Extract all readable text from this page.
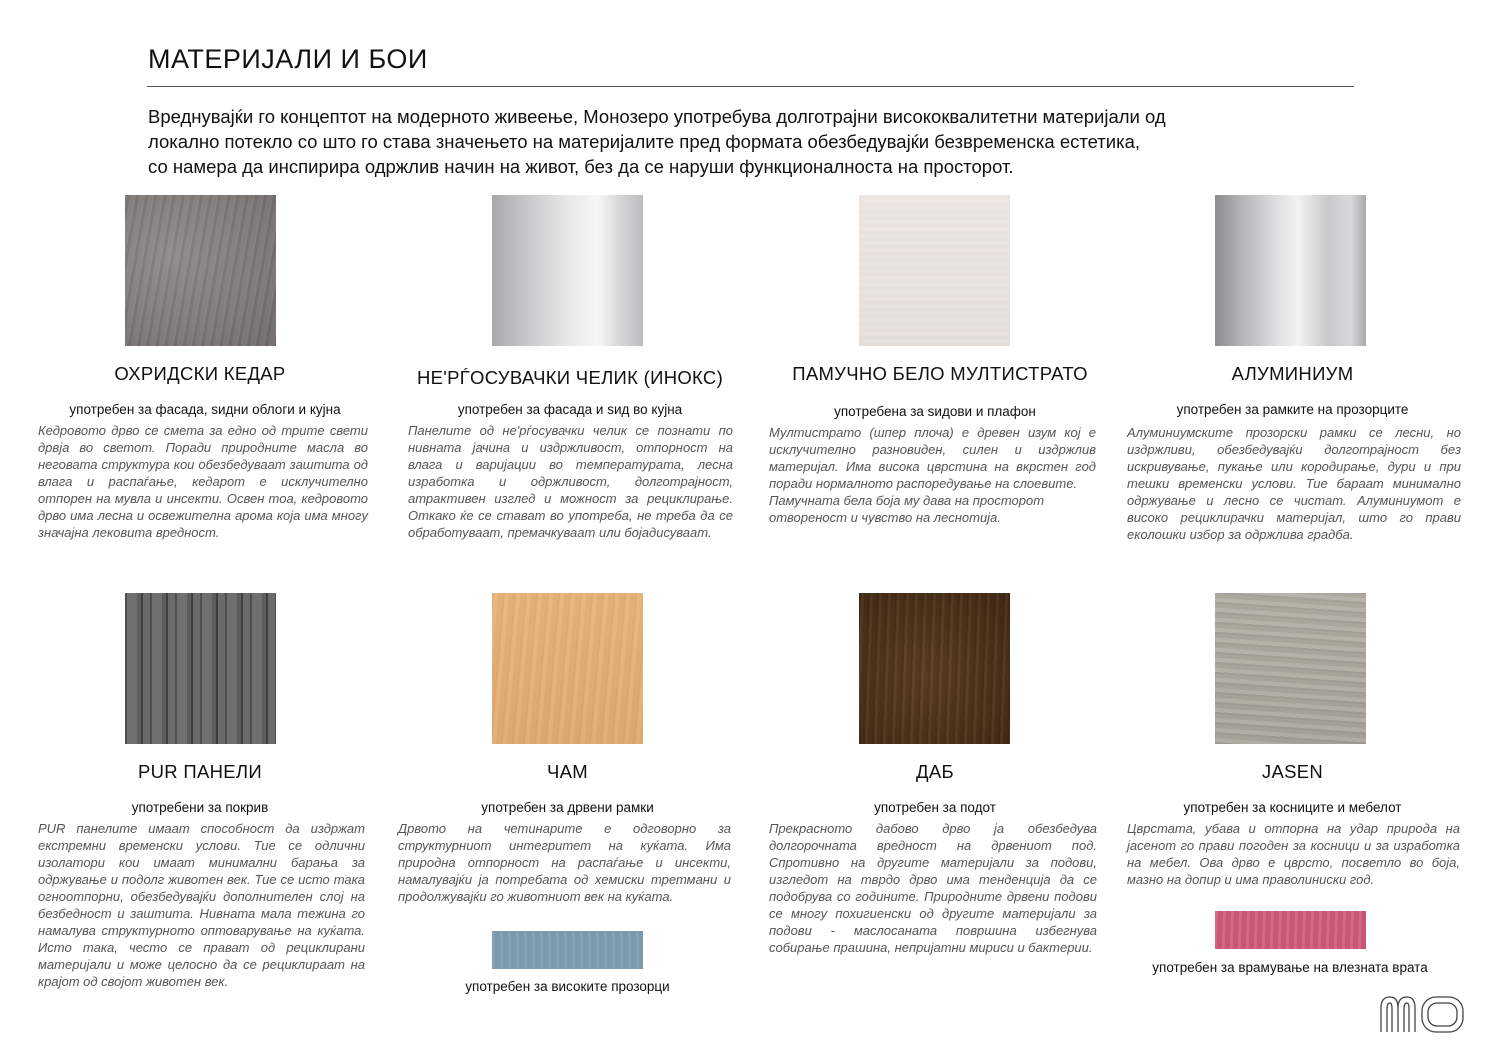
МАТЕРИЈАЛИ И БОИ
Вреднувајќи го концептот на модерното живеење, Монозеро употребува долготрајни висококвалитетни материјали од
локално потекло со што го става значењето на материјалите пред формата обезбедувајќи безвременска естетика,
со намера да инспирира одржлив начин на живот, без да се наруши функционалноста на просторот.
ОХРИДСКИ КЕДАР
употребен за фасада, sидни облоги и кујна
Кедровото дрво се смета за едно од трите свети дрвја во светот. Поради природните масла во неговата структура кои обезбедуваат заштита од влага и распаѓање, кедарот е исклучително отпорен на мувла и инсекти. Освен тоа, кедровото дрво има лесна и освежителна арома која има многу значајна лековита вредност.
НЕ'РЃОСУВАЧКИ ЧЕЛИК (ИНОКС)
употребен за фасада и sид во кујна
Панелите од не'рѓосувачки челик се познати по нивната јачина и издржливост, отпорност на влага и варијации во температурата, лесна изработка и одржливост, долготрајност, атрактивен изглед и можност за рециклирање. Откако ќе се стават во употреба, не треба да се обработуваат, премачкуваат или бојадисуваат.
ПАМУЧНО БЕЛО МУЛТИСТРАТО
употребена за sидови и плафон
Мултистрато (шпер плоча) е древен изум кој е исклучително разновиден, силен и издржлив материјал. Има висока цврстина на вкрстен год поради нормалното распоредување на слоевите.
Памучната бела боја му дава на просторот отвореност и чувство на леснотија.
АЛУМИНИУМ
употребен за рамките на прозорците
Алуминиумските прозорски рамки се лесни, но издржливи, обезбедувајќи долготрајност без искривување, пукање или кородирање, дури и при тешки временски услови. Тие бараат минимално одржување и лесно се чистат. Алуминиумот е високо рециклирачки материјал, што го прави еколошки избор за одржлива градба.
PUR ПАНЕЛИ
употребени за покрив
PUR панелите имаат способност да издржат екстремни временски услови. Тие се одлични изолатори кои имаат минимални барања за одржување и подолг животен век. Тие се исто така огноотпорни, обезбедувајќи дополнителен слој на безбедност и заштита. Нивната мала тежина го намалува структурното оптоварување на куќата. Исто така, често се прават од рециклирани материјали и може целосно да се рециклираат на крајот од својот животен век.
ЧАМ
употребен за дрвени рамки
Дрвото на четинарите е одговорно за структурниот интегритет на куќата. Има природна отпорност на распаѓање и инсекти, намалувајќи ја потребата од хемиски третмани и продолжувајќи го животниот век на куќата.
употребен за високите прозорци
ДАБ
употребен за подот
Прекрасното дабово дрво ја обезбедува долгорочната вредност на дрвениот под. Спротивно на другите материјали за подови, изгледот на тврдо дрво има тенденција да се подобрува со годините. Природните дрвени подови се многу похигиенски од другите материјали за подови - маслосаната површина избегнува собирање прашина, непријатни мириси и бактерии.
JASEN
употребен за косниците и мебелот
Цврстата, убава и отпорна на удар природа на јасенот го прави погоден за косници и за изработка на мебел. Ова дрво е цврсто, посветло во боја, мазно на допир и има праволиниски год.
употребен за врамување на влезната врата
